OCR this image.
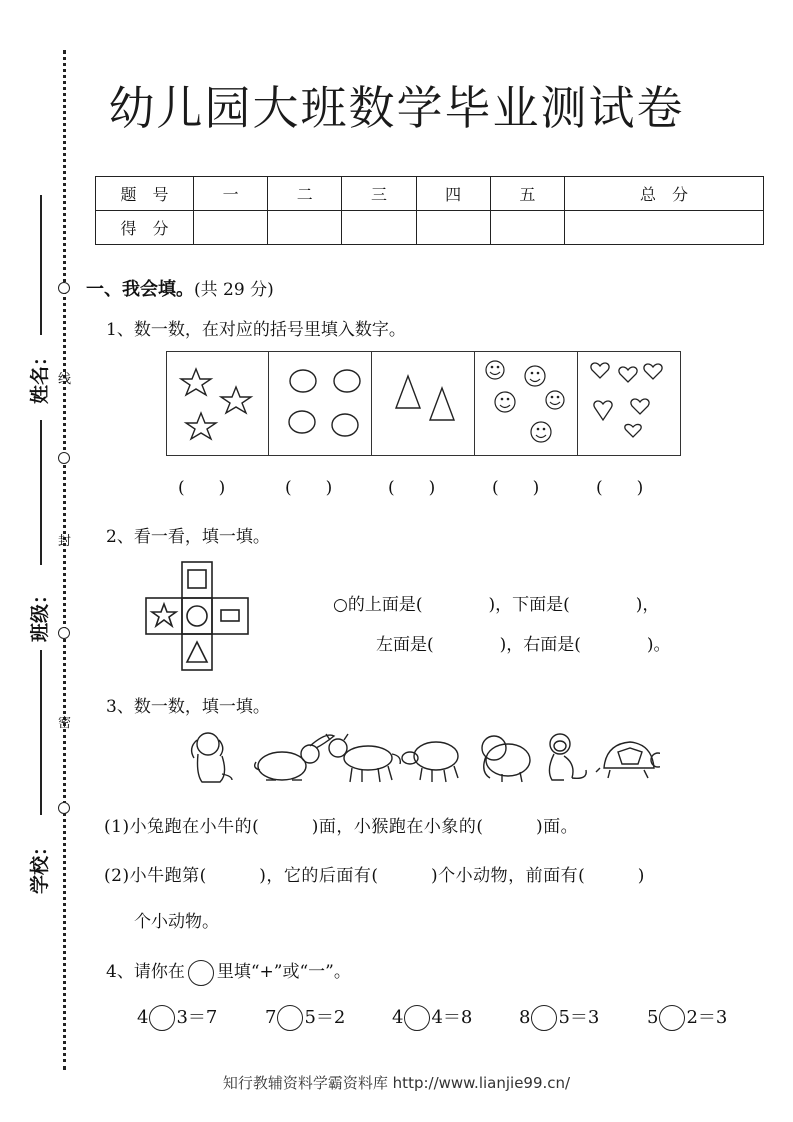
幼儿园大班数学毕业测试卷
线
封
密
姓名：
班级：
学校：
题　号	一	二	三	四	五	总　分
得　分						
一、我会填。(共 29 分)
1、数一数，在对应的括号里填入数字。
(　　)	(　　)	(　　)	(　　)	(　　)
2、看一看，填一填。
○的上面是(	)，下面是(	)，
左面是(	)，右面是(	)。
3、数一数，填一填。
(1)小兔跑在小牛的(　　　)面，小猴跑在小象的(　　　)面。
(2)小牛跑第(　　　)，它的后面有(　　　)个小动物，前面有(　　　)
个小动物。
4、请你在 里填“+”或“一”。
4 3＝7	7 5＝2	4 4＝8	8 5＝3	5 2＝3
知行教辅资料学霸资料库 http://www.lianjie99.cn/
